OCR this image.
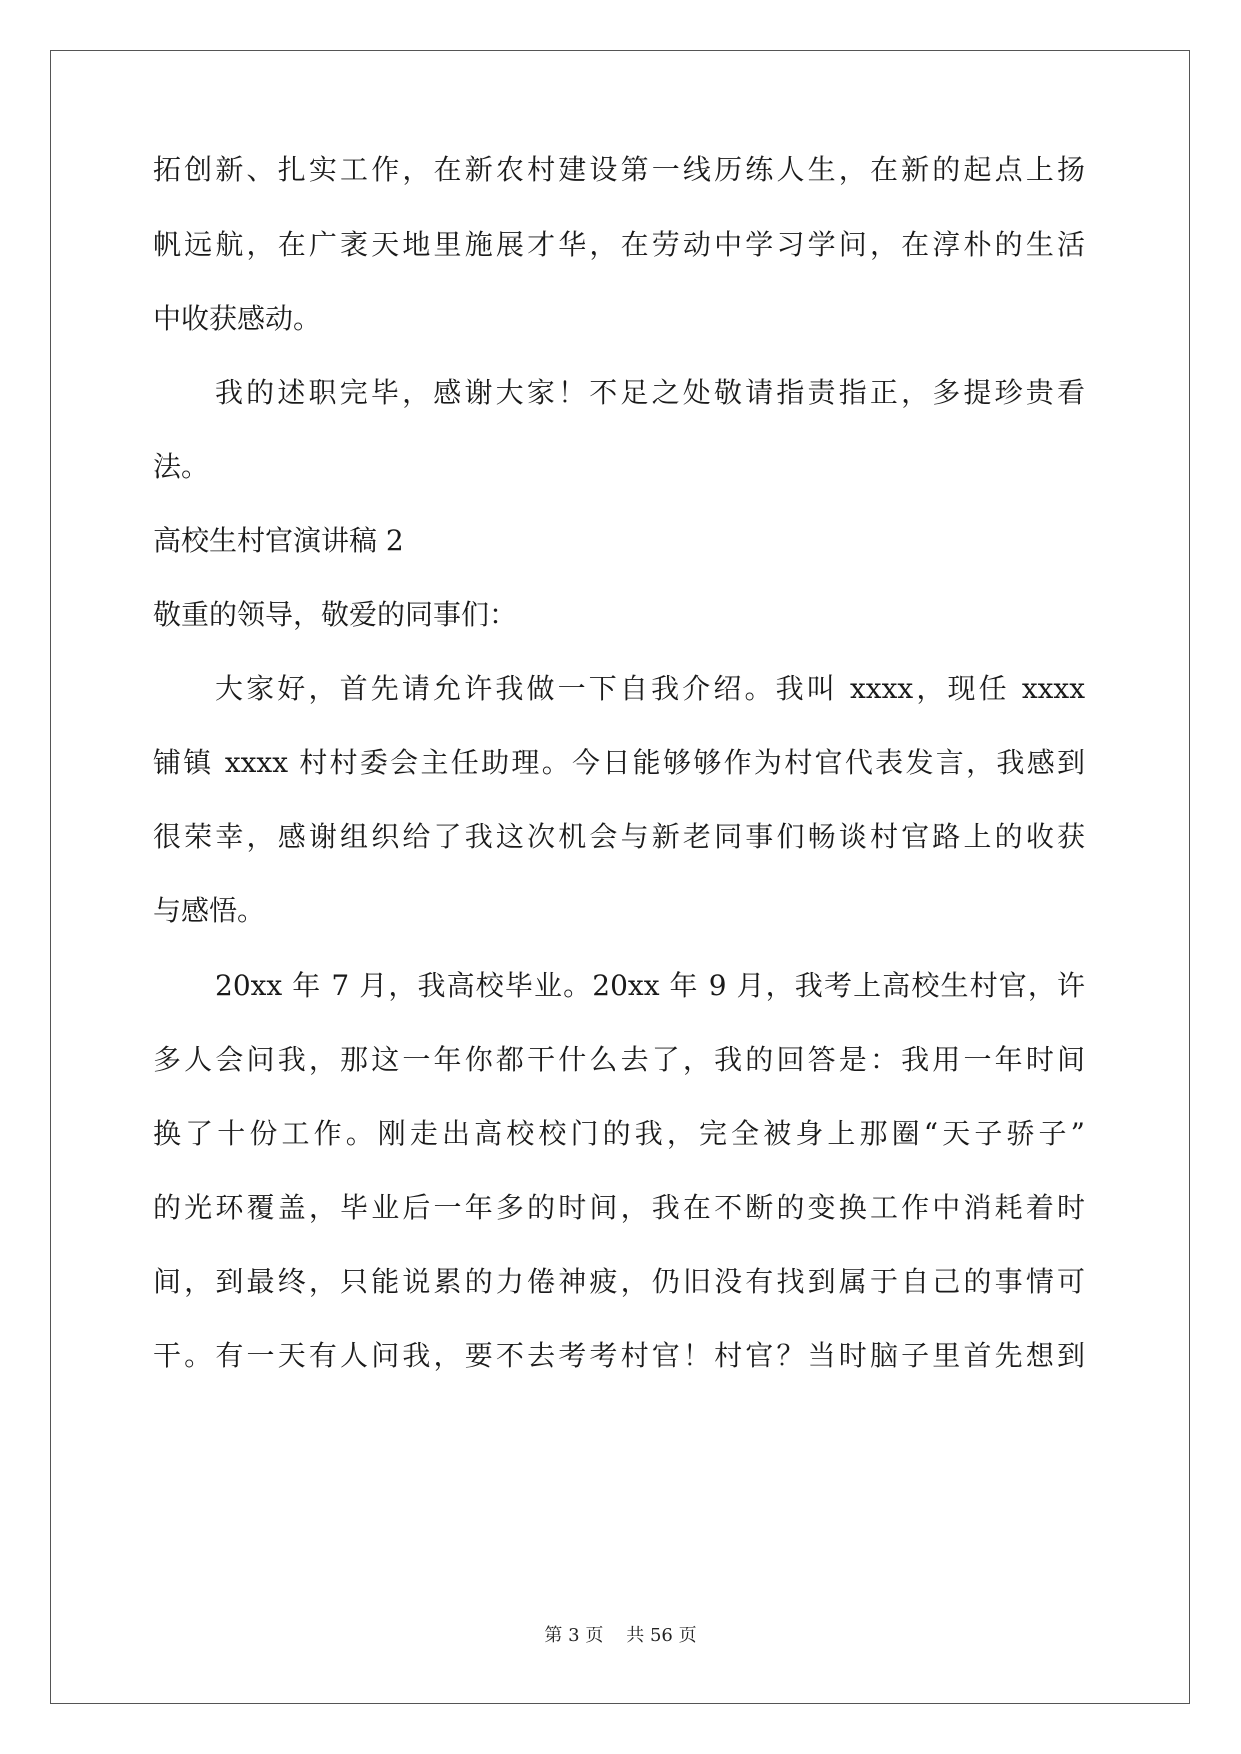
拓创新、扎实工作，在新农村建设第一线历练人生，在新的起点上扬
帆远航，在广袤天地里施展才华，在劳动中学习学问，在淳朴的生活
中收获感动。
我的述职完毕，感谢大家！不足之处敬请指责指正，多提珍贵看
法。
高校生村官演讲稿 2
敬重的领导，敬爱的同事们：
大家好，首先请允许我做一下自我介绍。我叫 xxxx，现任 xxxx
铺镇 xxxx 村村委会主任助理。今日能够够作为村官代表发言，我感到
很荣幸，感谢组织给了我这次机会与新老同事们畅谈村官路上的收获
与感悟。
20xx 年 7 月，我高校毕业。20xx 年 9 月，我考上高校生村官，许
多人会问我，那这一年你都干什么去了，我的回答是：我用一年时间
换了十份工作。刚走出高校校门的我，完全被身上那圈“天子骄子”
的光环覆盖，毕业后一年多的时间，我在不断的变换工作中消耗着时
间，到最终，只能说累的力倦神疲，仍旧没有找到属于自己的事情可
干。有一天有人问我，要不去考考村官！村官？当时脑子里首先想到
第 3 页 共 56 页
